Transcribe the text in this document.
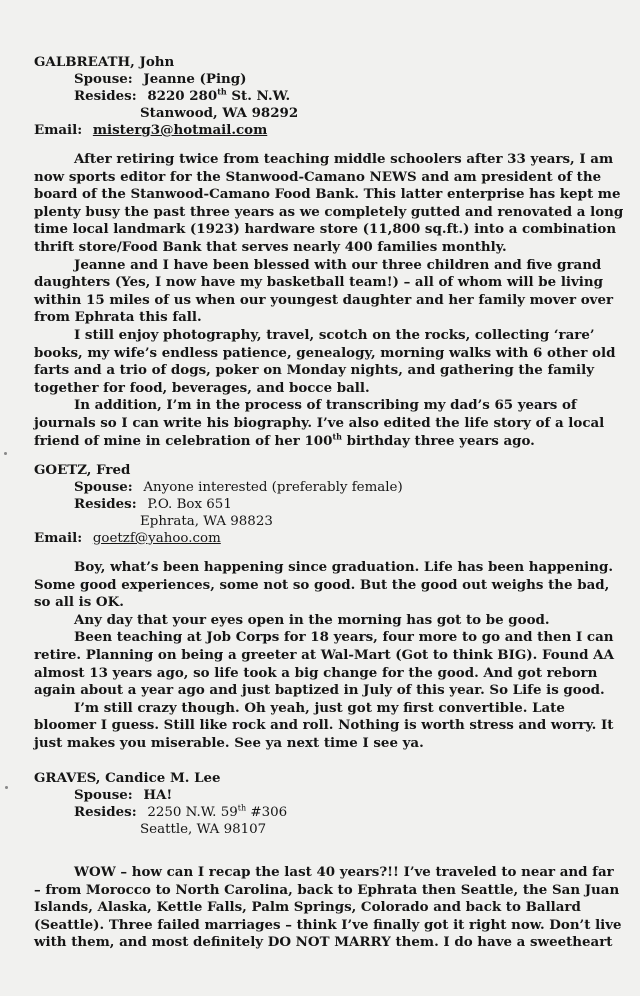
GALBREATH, John
Spouse: Jeanne (Ping)
Resides: 8220 280th St. N.W.
Stanwood, WA 98292
Email: misterg3@hotmail.com

After retiring twice from teaching middle schoolers after 33 years, I am now sports editor for the Stanwood-Camano NEWS and am president of the board of the Stanwood-Camano Food Bank. This latter enterprise has kept me plenty busy the past three years as we completely gutted and renovated a long time local landmark (1923) hardware store (11,800 sq.ft.) into a combination thrift store/Food Bank that serves nearly 400 families monthly.

Jeanne and I have been blessed with our three children and five grand daughters (Yes, I now have my basketball team!) – all of whom will be living within 15 miles of us when our youngest daughter and her family mover over from Ephrata this fall.

I still enjoy photography, travel, scotch on the rocks, collecting ‘rare’ books, my wife’s endless patience, genealogy, morning walks with 6 other old farts and a trio of dogs, poker on Monday nights, and gathering the family together for food, beverages, and bocce ball.

In addition, I’m in the process of transcribing my dad’s 65 years of journals so I can write his biography. I’ve also edited the life story of a local friend of mine in celebration of her 100th birthday three years ago.

GOETZ, Fred
Spouse: Anyone interested (preferably female)
Resides: P.O. Box 651
Ephrata, WA 98823
Email: goetzf@yahoo.com

Boy, what’s been happening since graduation. Life has been happening. Some good experiences, some not so good. But the good out weighs the bad, so all is OK.

Any day that your eyes open in the morning has got to be good.

Been teaching at Job Corps for 18 years, four more to go and then I can retire. Planning on being a greeter at Wal-Mart (Got to think BIG). Found AA almost 13 years ago, so life took a big change for the good. And got reborn again about a year ago and just baptized in July of this year. So Life is good.

I’m still crazy though. Oh yeah, just got my first convertible. Late bloomer I guess. Still like rock and roll. Nothing is worth stress and worry. It just makes you miserable. See ya next time I see ya.

GRAVES, Candice M. Lee
Spouse: HA!
Resides: 2250 N.W. 59th #306
Seattle, WA 98107

WOW – how can I recap the last 40 years?!! I’ve traveled to near and far – from Morocco to North Carolina, back to Ephrata then Seattle, the San Juan Islands, Alaska, Kettle Falls, Palm Springs, Colorado and back to Ballard (Seattle). Three failed marriages – think I’ve finally got it right now. Don’t live with them, and most definitely DO NOT MARRY them. I do have a sweetheart
